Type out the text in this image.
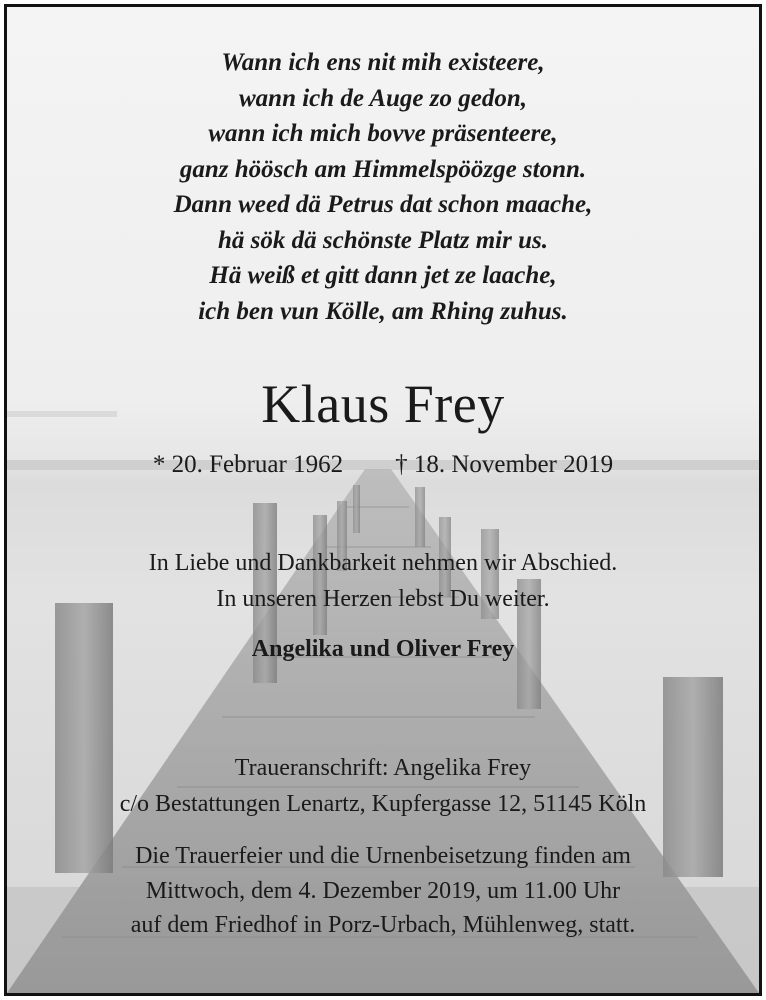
Wann ich ens nit mih existeere,
wann ich de Auge zo gedon,
wann ich mich bovve präsenteere,
ganz höösch am Himmelspöözge stonn.
Dann weed dä Petrus dat schon maache,
hä sök dä schönste Platz mir us.
Hä weiß et gitt dann jet ze laache,
ich ben vun Kölle, am Rhing zuhus.
Klaus Frey
* 20. Februar 1962 † 18. November 2019
In Liebe und Dankbarkeit nehmen wir Abschied.
In unseren Herzen lebst Du weiter.
Angelika und Oliver Frey
Traueranschrift: Angelika Frey
c/o Bestattungen Lenartz, Kupfergasse 12, 51145 Köln
Die Trauerfeier und die Urnenbeisetzung finden am
Mittwoch, dem 4. Dezember 2019, um 11.00 Uhr
auf dem Friedhof in Porz-Urbach, Mühlenweg, statt.
